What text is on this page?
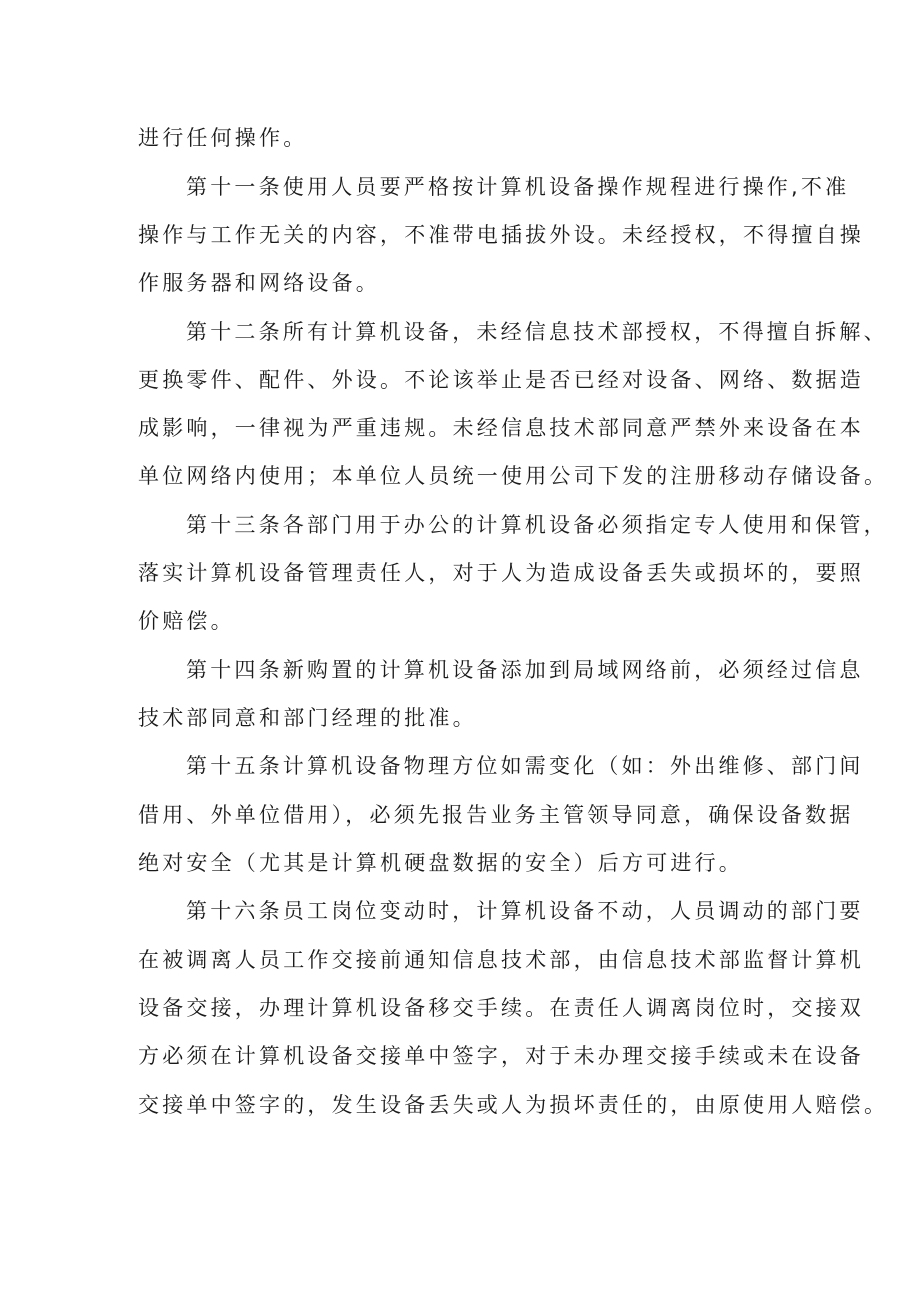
进行任何操作。
第十一条使用人员要严格按计算机设备操作规程进行操作,不准
操作与工作无关的内容，不准带电插拔外设。未经授权，不得擅自操
作服务器和网络设备。
第十二条所有计算机设备，未经信息技术部授权，不得擅自拆解、
更换零件、配件、外设。不论该举止是否已经对设备、网络、数据造
成影响，一律视为严重违规。未经信息技术部同意严禁外来设备在本
单位网络内使用；本单位人员统一使用公司下发的注册移动存储设备。
第十三条各部门用于办公的计算机设备必须指定专人使用和保管，
落实计算机设备管理责任人，对于人为造成设备丢失或损坏的，要照
价赔偿。
第十四条新购置的计算机设备添加到局域网络前，必须经过信息
技术部同意和部门经理的批准。
第十五条计算机设备物理方位如需变化（如：外出维修、部门间
借用、外单位借用），必须先报告业务主管领导同意，确保设备数据
绝对安全（尤其是计算机硬盘数据的安全）后方可进行。
第十六条员工岗位变动时，计算机设备不动，人员调动的部门要
在被调离人员工作交接前通知信息技术部，由信息技术部监督计算机
设备交接，办理计算机设备移交手续。在责任人调离岗位时，交接双
方必须在计算机设备交接单中签字，对于未办理交接手续或未在设备
交接单中签字的，发生设备丢失或人为损坏责任的，由原使用人赔偿。
